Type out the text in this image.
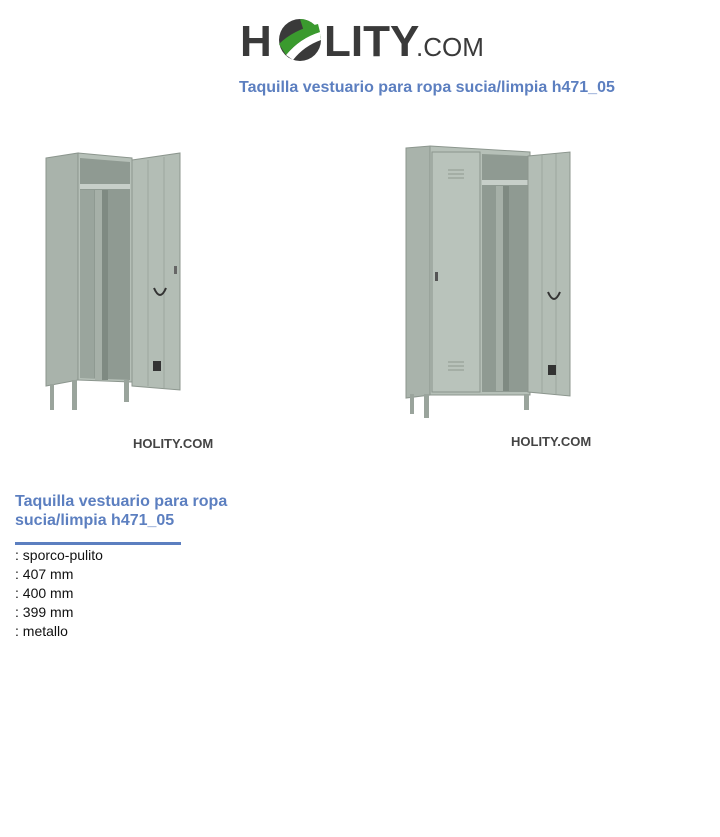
H LITY
.COM
Taquilla vestuario para ropa sucia/limpia h471_05
HOLITY.COM	HOLITY.COM
Taquilla vestuario para ropa sucia/limpia h471_05
: sporco-pulito
: 407 mm
: 400 mm
: 399 mm
: metallo
